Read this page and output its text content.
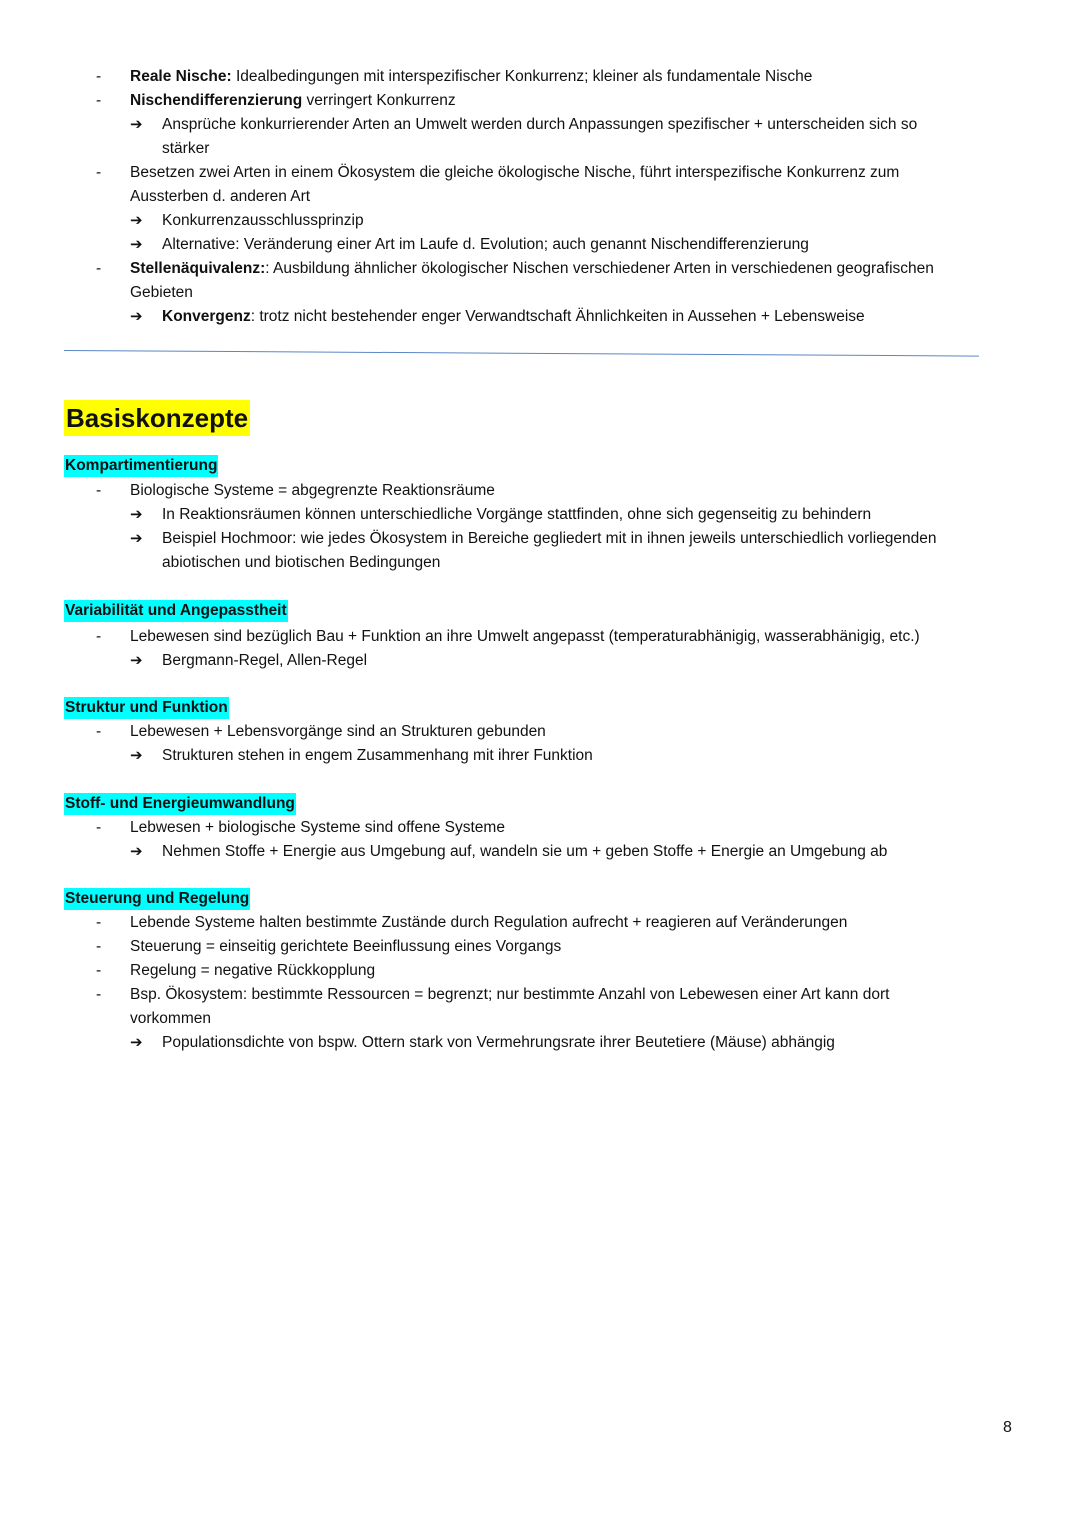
- Reale Nische: Idealbedingungen mit interspezifischer Konkurrenz; kleiner als fundamentale Nische
- Nischendifferenzierung verringert Konkurrenz
➔ Ansprüche konkurrierender Arten an Umwelt werden durch Anpassungen spezifischer + unterscheiden sich so
stärker
- Besetzen zwei Arten in einem Ökosystem die gleiche ökologische Nische, führt interspezifische Konkurrenz zum
Aussterben d. anderen Art
➔ Konkurrenzausschlussprinzip
➔ Alternative: Veränderung einer Art im Laufe d. Evolution; auch genannt Nischendifferenzierung
- Stellenäquivalenz:: Ausbildung ähnlicher ökologischer Nischen verschiedener Arten in verschiedenen geografischen
Gebieten
➔ Konvergenz: trotz nicht bestehender enger Verwandtschaft Ähnlichkeiten in Aussehen + Lebensweise
Basiskonzepte
Kompartimentierung
- Biologische Systeme = abgegrenzte Reaktionsräume
➔ In Reaktionsräumen können unterschiedliche Vorgänge stattfinden, ohne sich gegenseitig zu behindern
➔ Beispiel Hochmoor: wie jedes Ökosystem in Bereiche gegliedert mit in ihnen jeweils unterschiedlich vorliegenden
abiotischen und biotischen Bedingungen
Variabilität und Angepasstheit
- Lebewesen sind bezüglich Bau + Funktion an ihre Umwelt angepasst (temperaturabhänigig, wasserabhänigig, etc.)
➔ Bergmann-Regel, Allen-Regel
Struktur und Funktion
- Lebewesen + Lebensvorgänge sind an Strukturen gebunden
➔ Strukturen stehen in engem Zusammenhang mit ihrer Funktion
Stoff- und Energieumwandlung
- Lebwesen + biologische Systeme sind offene Systeme
➔ Nehmen Stoffe + Energie aus Umgebung auf, wandeln sie um + geben Stoffe + Energie an Umgebung ab
Steuerung und Regelung
- Lebende Systeme halten bestimmte Zustände durch Regulation aufrecht + reagieren auf Veränderungen
- Steuerung = einseitig gerichtete Beeinflussung eines Vorgangs
- Regelung = negative Rückkopplung
- Bsp. Ökosystem: bestimmte Ressourcen = begrenzt; nur bestimmte Anzahl von Lebewesen einer Art kann dort
vorkommen
➔ Populationsdichte von bspw. Ottern stark von Vermehrungsrate ihrer Beutetiere (Mäuse) abhängig
8
